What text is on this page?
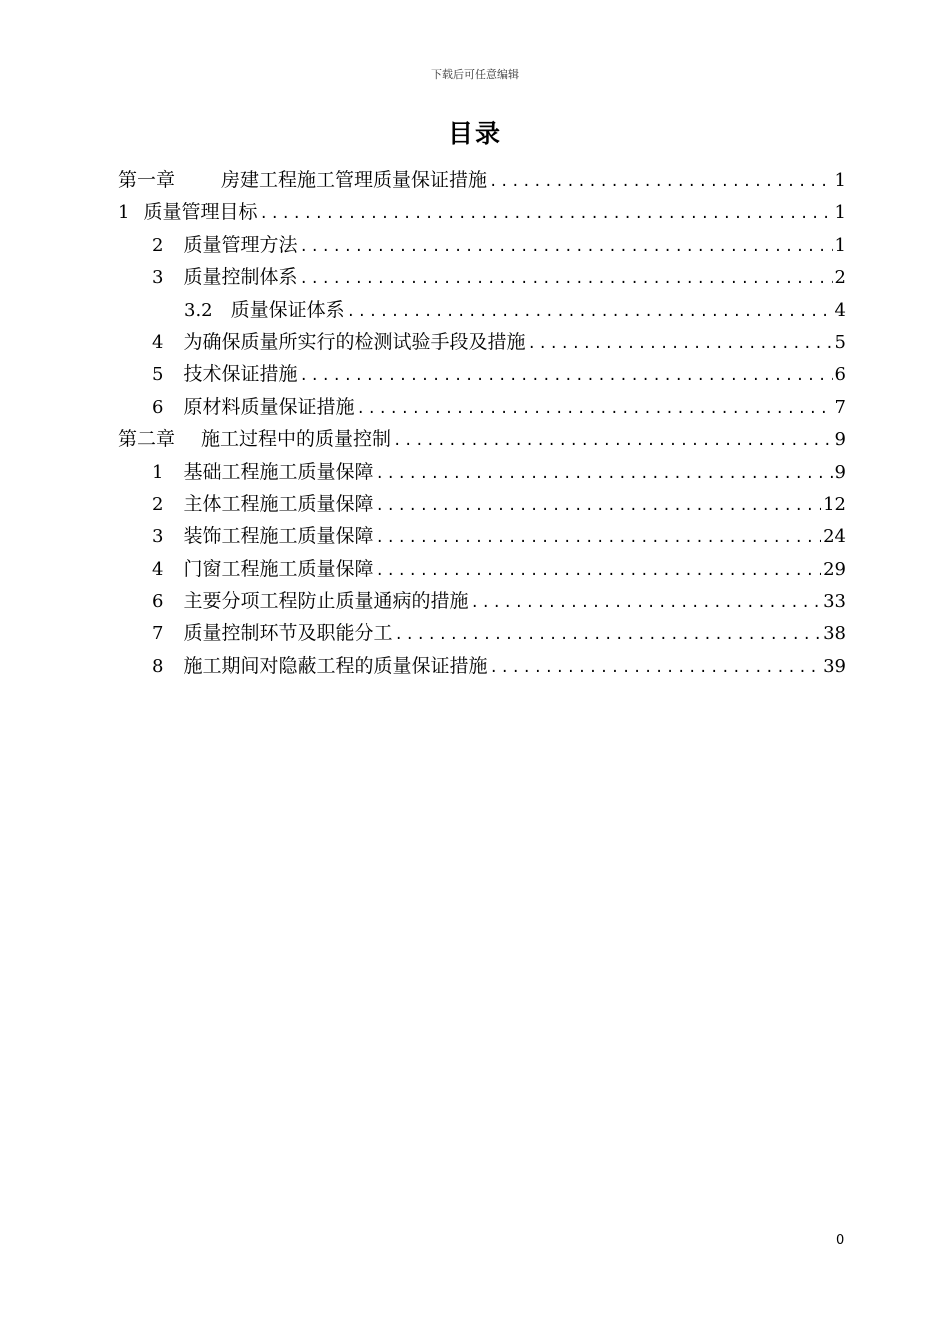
下载后可任意编辑
目录
第一章 房建工程施工管理质量保证措施 .....	1
1 质量管理目标 .....	1
2 质量管理方法 .....	1
3 质量控制体系 .....	2
3.2 质量保证体系 .....	4
4 为确保质量所实行的检测试验手段及措施 .....	5
5 技术保证措施 .....	6
6 原材料质量保证措施 .....	7
第二章 施工过程中的质量控制 .....	9
1 基础工程施工质量保障 .....	9
2 主体工程施工质量保障 .....	12
3 装饰工程施工质量保障 .....	24
4 门窗工程施工质量保障 .....	29
6 主要分项工程防止质量通病的措施 .....	33
7 质量控制环节及职能分工 .....	38
8 施工期间对隐蔽工程的质量保证措施 .....	39
0
